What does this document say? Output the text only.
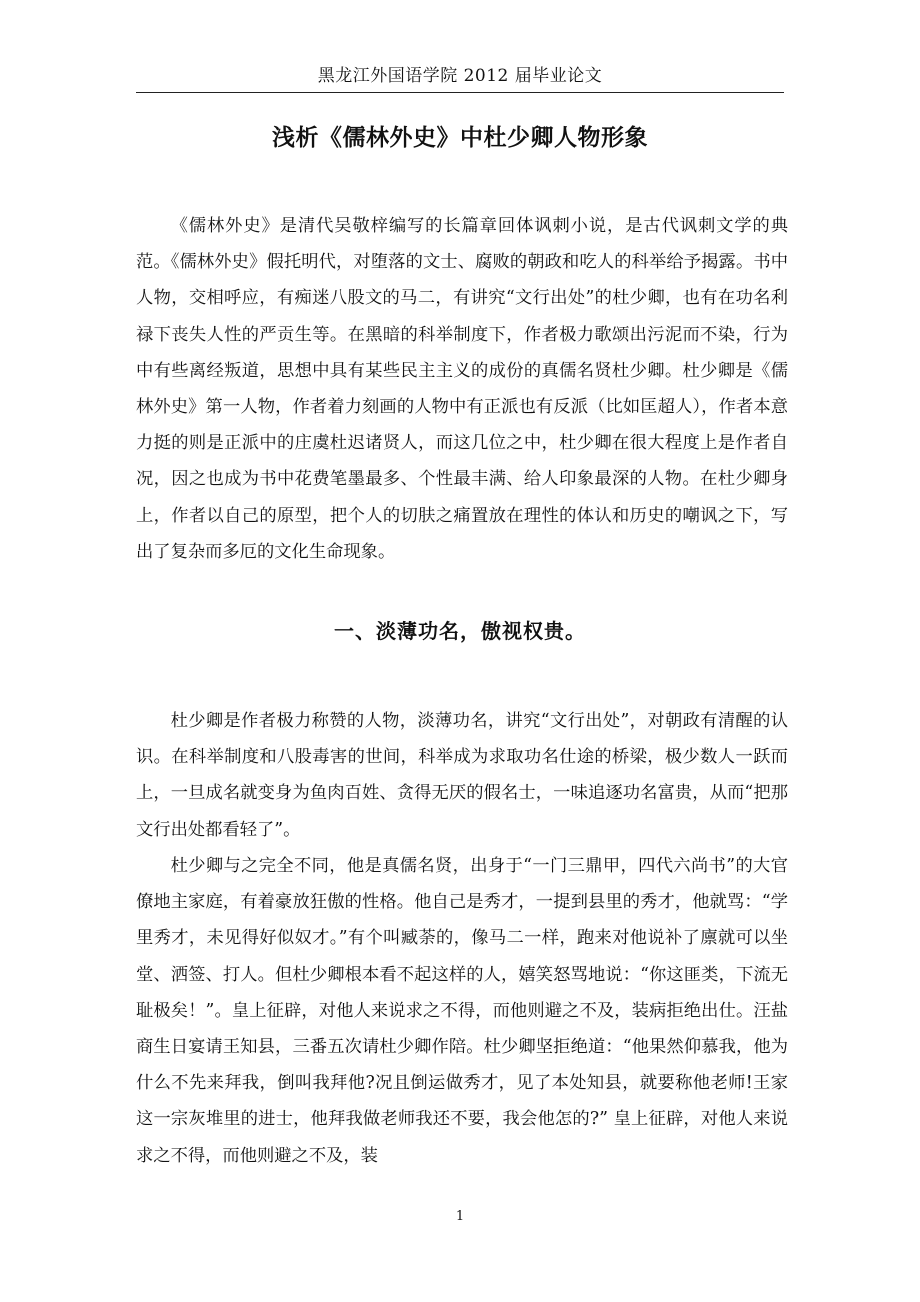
黑龙江外国语学院 2012 届毕业论文
浅析《儒林外史》中杜少卿人物形象

《儒林外史》是清代吴敬梓编写的长篇章回体讽刺小说，是古代讽刺文学的典范。《儒林外史》假托明代，对堕落的文士、腐败的朝政和吃人的科举给予揭露。书中人物，交相呼应，有痴迷八股文的马二，有讲究“文行出处”的杜少卿，也有在功名利禄下丧失人性的严贡生等。在黑暗的科举制度下，作者极力歌颂出污泥而不染，行为中有些离经叛道，思想中具有某些民主主义的成份的真儒名贤杜少卿。杜少卿是《儒林外史》第一人物，作者着力刻画的人物中有正派也有反派（比如匡超人），作者本意力挺的则是正派中的庄虞杜迟诸贤人，而这几位之中，杜少卿在很大程度上是作者自况，因之也成为书中花费笔墨最多、个性最丰满、给人印象最深的人物。在杜少卿身上，作者以自己的原型，把个人的切肤之痛置放在理性的体认和历史的嘲讽之下，写出了复杂而多厄的文化生命现象。

一、淡薄功名，傲视权贵。

杜少卿是作者极力称赞的人物，淡薄功名，讲究“文行出处”，对朝政有清醒的认识。在科举制度和八股毒害的世间，科举成为求取功名仕途的桥梁，极少数人一跃而上，一旦成名就变身为鱼肉百姓、贪得无厌的假名士，一味追逐功名富贵，从而“把那文行出处都看轻了”。

杜少卿与之完全不同，他是真儒名贤，出身于“一门三鼎甲，四代六尚书”的大官僚地主家庭，有着豪放狂傲的性格。他自己是秀才，一提到县里的秀才，他就骂：“学里秀才，未见得好似奴才。”有个叫臧荼的，像马二一样，跑来对他说补了廪就可以坐堂、洒签、打人。但杜少卿根本看不起这样的人，嬉笑怒骂地说：“你这匪类，下流无耻极矣！”。皇上征辟，对他人来说求之不得，而他则避之不及，装病拒绝出仕。汪盐商生日宴请王知县，三番五次请杜少卿作陪。杜少卿坚拒绝道：“他果然仰慕我，他为什么不先来拜我，倒叫我拜他?况且倒运做秀才，见了本处知县，就要称他老师!王家这一宗灰堆里的进士，他拜我做老师我还不要，我会他怎的?” 皇上征辟，对他人来说求之不得，而他则避之不及，装

1
